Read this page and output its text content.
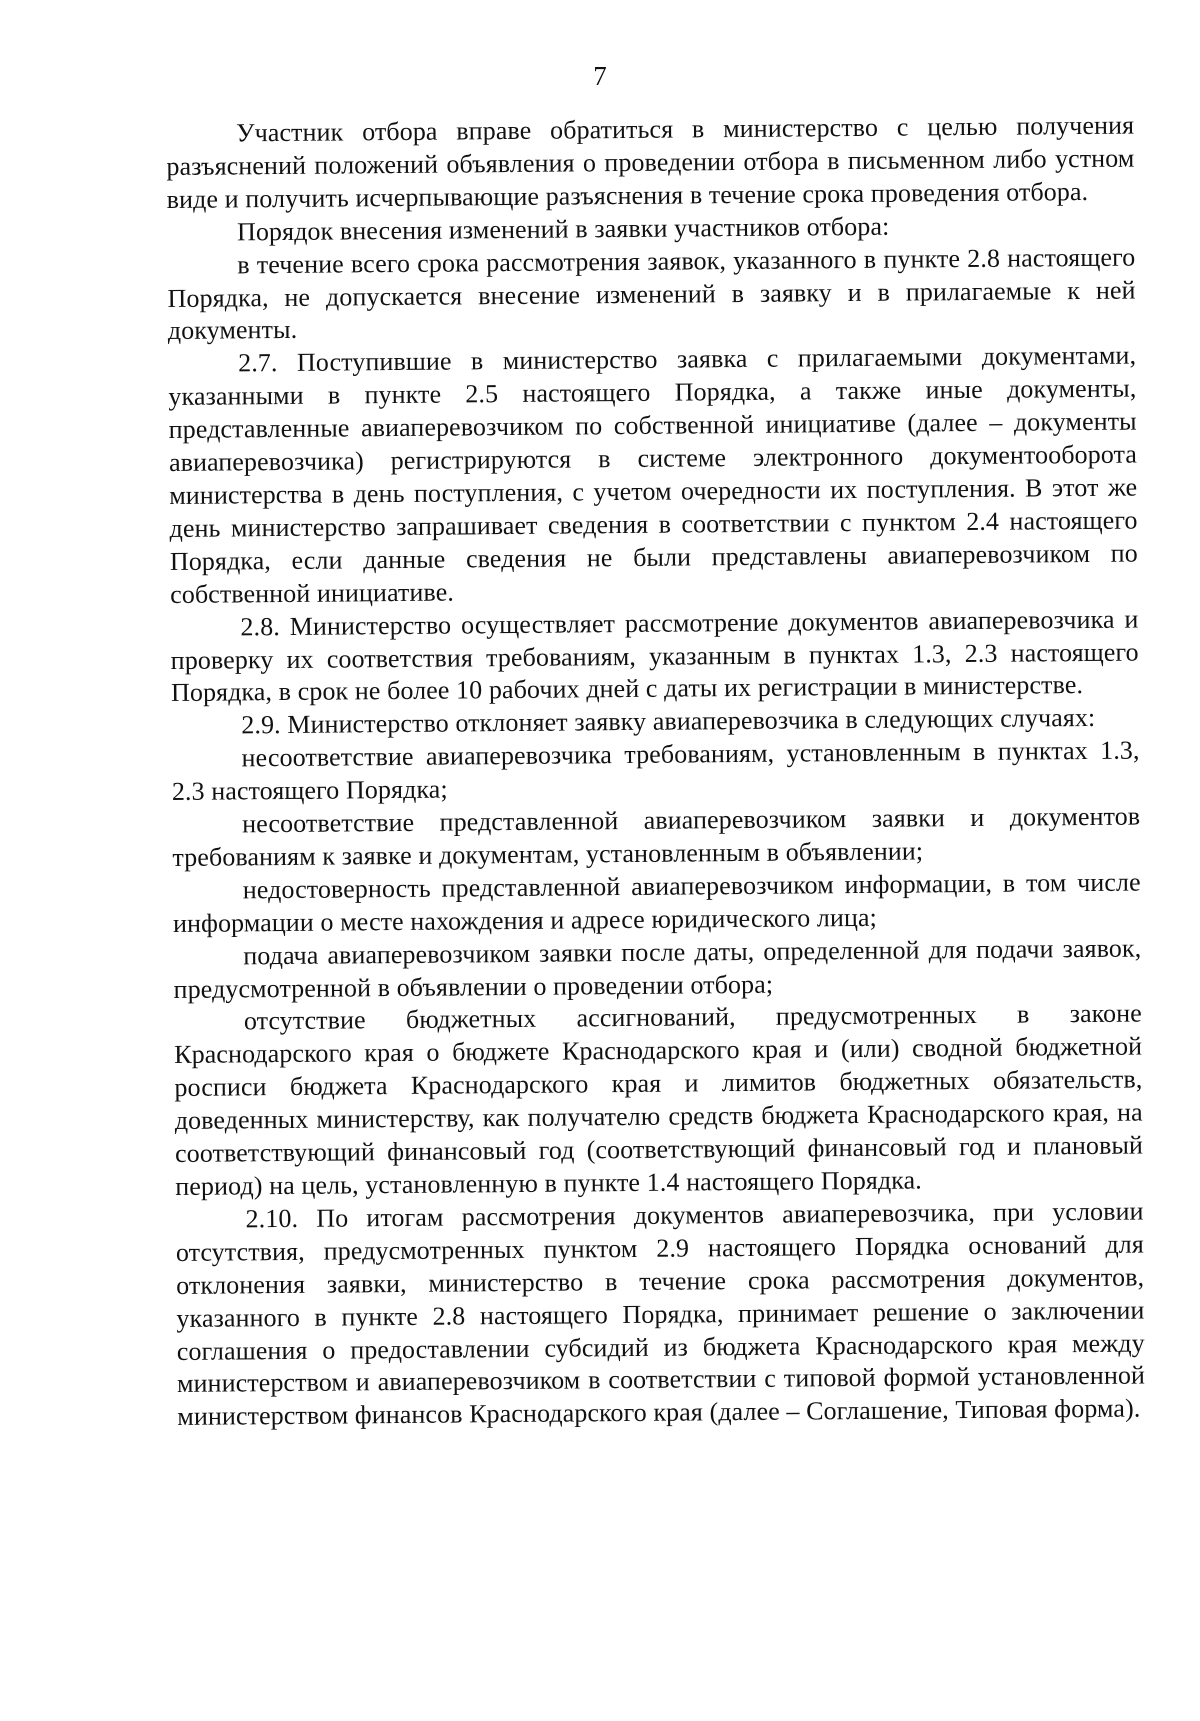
7

Участник отбора вправе обратиться в министерство с целью получения разъяснений положений объявления о проведении отбора в письменном либо устном виде и получить исчерпывающие разъяснения в течение срока проведения отбора.

Порядок внесения изменений в заявки участников отбора:

в течение всего срока рассмотрения заявок, указанного в пункте 2.8 настоящего Порядка, не допускается внесение изменений в заявку и в прилагаемые к ней документы.

2.7. Поступившие в министерство заявка с прилагаемыми документами, указанными в пункте 2.5 настоящего Порядка, а также иные документы, представленные авиаперевозчиком по собственной инициативе (далее – документы авиаперевозчика) регистрируются в системе электронного документооборота министерства в день поступления, с учетом очередности их поступления. В этот же день министерство запрашивает сведения в соответствии с пунктом 2.4 настоящего Порядка, если данные сведения не были представлены авиаперевозчиком по собственной инициативе.

2.8. Министерство осуществляет рассмотрение документов авиаперевозчика и проверку их соответствия требованиям, указанным в пунктах 1.3, 2.3 настоящего Порядка, в срок не более 10 рабочих дней с даты их регистрации в министерстве.

2.9. Министерство отклоняет заявку авиаперевозчика в следующих случаях:

несоответствие авиаперевозчика требованиям, установленным в пунктах 1.3, 2.3 настоящего Порядка;

несоответствие представленной авиаперевозчиком заявки и документов требованиям к заявке и документам, установленным в объявлении;

недостоверность представленной авиаперевозчиком информации, в том числе информации о месте нахождения и адресе юридического лица;

подача авиаперевозчиком заявки после даты, определенной для подачи заявок, предусмотренной в объявлении о проведении отбора;

отсутствие бюджетных ассигнований, предусмотренных в законе Краснодарского края о бюджете Краснодарского края и (или) сводной бюджетной росписи бюджета Краснодарского края и лимитов бюджетных обязательств, доведенных министерству, как получателю средств бюджета Краснодарского края, на соответствующий финансовый год (соответствующий финансовый год и плановый период) на цель, установленную в пункте 1.4 настоящего Порядка.

2.10. По итогам рассмотрения документов авиаперевозчика, при условии отсутствия, предусмотренных пунктом 2.9 настоящего Порядка оснований для отклонения заявки, министерство в течение срока рассмотрения документов, указанного в пункте 2.8 настоящего Порядка, принимает решение о заключении соглашения о предоставлении субсидий из бюджета Краснодарского края между министерством и авиаперевозчиком в соответствии с типовой формой установленной министерством финансов Краснодарского края (далее – Соглашение, Типовая форма).
